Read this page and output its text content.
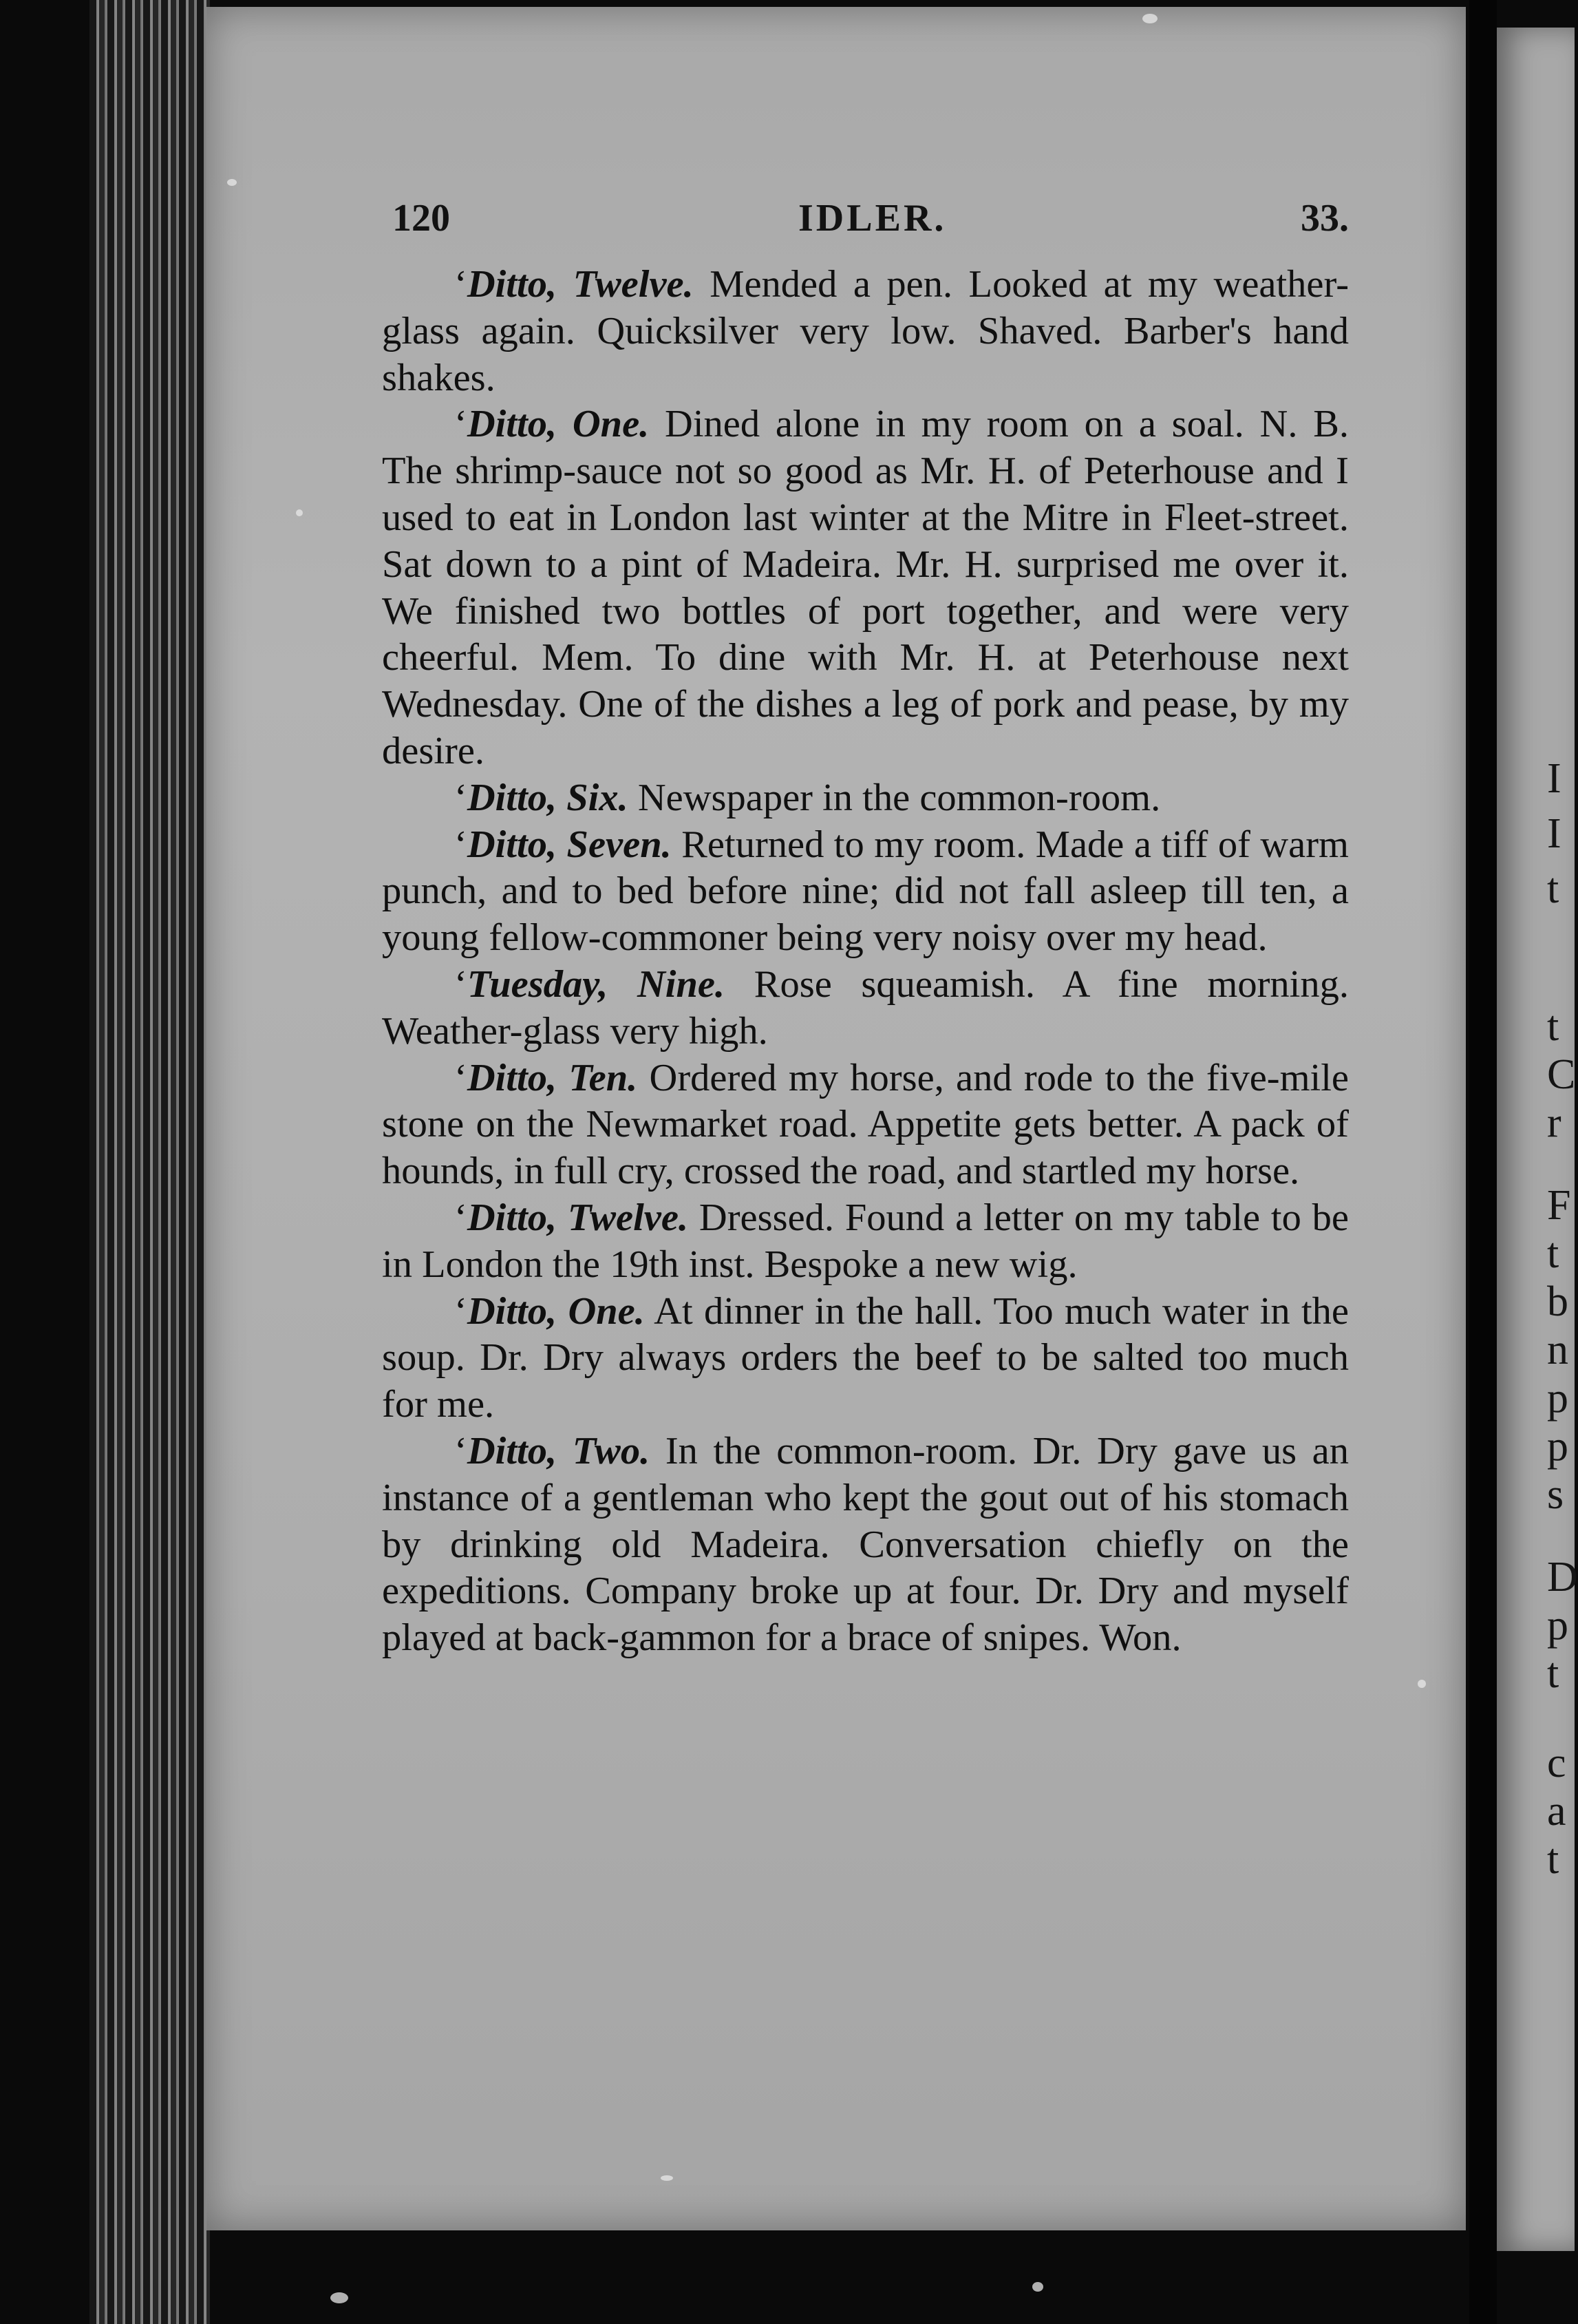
I
I
t
t
C
r
F
t
b
n
p
p
s
D
p
t
c
a
t
120	IDLER.	33.

‘Ditto, Twelve. Mended a pen. Looked at my weather-glass again. Quicksilver very low. Shaved. Barber's hand shakes.

‘Ditto, One. Dined alone in my room on a soal. N. B. The shrimp-sauce not so good as Mr. H. of Peterhouse and I used to eat in London last winter at the Mitre in Fleet-street. Sat down to a pint of Madeira. Mr. H. surprised me over it. We finished two bottles of port together, and were very cheerful. Mem. To dine with Mr. H. at Peterhouse next Wednesday. One of the dishes a leg of pork and pease, by my desire.

‘Ditto, Six. Newspaper in the common-room.

‘Ditto, Seven. Returned to my room. Made a tiff of warm punch, and to bed before nine; did not fall asleep till ten, a young fellow-commoner being very noisy over my head.

‘Tuesday, Nine. Rose squeamish. A fine morning. Weather-glass very high.

‘Ditto, Ten. Ordered my horse, and rode to the five-mile stone on the Newmarket road. Appetite gets better. A pack of hounds, in full cry, crossed the road, and startled my horse.

‘Ditto, Twelve. Dressed. Found a letter on my table to be in London the 19th inst. Bespoke a new wig.

‘Ditto, One. At dinner in the hall. Too much water in the soup. Dr. Dry always orders the beef to be salted too much for me.

‘Ditto, Two. In the common-room. Dr. Dry gave us an instance of a gentleman who kept the gout out of his stomach by drinking old Madeira. Conversation chiefly on the expeditions. Company broke up at four. Dr. Dry and myself played at back-gammon for a brace of snipes. Won.
